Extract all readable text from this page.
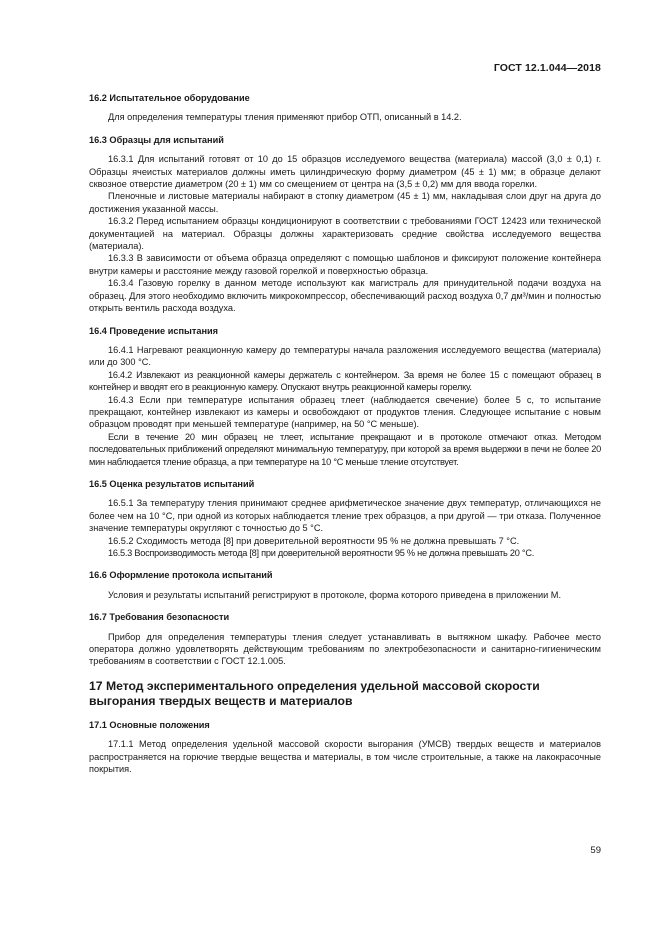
ГОСТ 12.1.044—2018
16.2 Испытательное оборудование

Для определения температуры тления применяют прибор ОТП, описанный в 14.2.

16.3 Образцы для испытаний

16.3.1 Для испытаний готовят от 10 до 15 образцов исследуемого вещества (материала) массой (3,0 ± 0,1) г. Образцы ячеистых материалов должны иметь цилиндрическую форму диаметром (45 ± 1) мм; в образце делают сквозное отверстие диаметром (20 ± 1) мм со смещением от центра на (3,5 ± 0,2) мм для ввода горелки.

Пленочные и листовые материалы набирают в стопку диаметром (45 ± 1) мм, накладывая слои друг на друга до достижения указанной массы.

16.3.2 Перед испытанием образцы кондиционируют в соответствии с требованиями ГОСТ 12423 или технической документацией на материал. Образцы должны характеризовать средние свойства исследуемого вещества (материала).

16.3.3 В зависимости от объема образца определяют с помощью шаблонов и фиксируют положение контейнера внутри камеры и расстояние между газовой горелкой и поверхностью образца.

16.3.4 Газовую горелку в данном методе используют как магистраль для принудительной подачи воздуха на образец. Для этого необходимо включить микрокомпрессор, обеспечивающий расход воздуха 0,7 дм³/мин и полностью открыть вентиль расхода воздуха.

16.4 Проведение испытания

16.4.1 Нагревают реакционную камеру до температуры начала разложения исследуемого вещества (материала) или до 300 °С.

16.4.2 Извлекают из реакционной камеры держатель с контейнером. За время не более 15 с помещают образец в контейнер и вводят его в реакционную камеру. Опускают внутрь реакционной камеры горелку.

16.4.3 Если при температуре испытания образец тлеет (наблюдается свечение) более 5 с, то испытание прекращают, контейнер извлекают из камеры и освобождают от продуктов тления. Следующее испытание с новым образцом проводят при меньшей температуре (например, на 50 °С меньше).

Если в течение 20 мин образец не тлеет, испытание прекращают и в протоколе отмечают отказ. Методом последовательных приближений определяют минимальную температуру, при которой за время выдержки в печи не более 20 мин наблюдается тление образца, а при температуре на 10 °С меньше тление отсутствует.

16.5 Оценка результатов испытаний

16.5.1 За температуру тления принимают среднее арифметическое значение двух температур, отличающихся не более чем на 10 °С, при одной из которых наблюдается тление трех образцов, а при другой — три отказа. Полученное значение температуры округляют с точностью до 5 °С.

16.5.2 Сходимость метода [8] при доверительной вероятности 95 % не должна превышать 7 °С.

16.5.3 Воспроизводимость метода [8] при доверительной вероятности 95 % не должна превышать 20 °С.

16.6 Оформление протокола испытаний

Условия и результаты испытаний регистрируют в протоколе, форма которого приведена в приложении М.

16.7 Требования безопасности

Прибор для определения температуры тления следует устанавливать в вытяжном шкафу. Рабочее место оператора должно удовлетворять действующим требованиям по электробезопасности и санитарно-гигиеническим требованиям в соответствии с ГОСТ 12.1.005.

17 Метод экспериментального определения удельной массовой скорости выгорания твердых веществ и материалов
17.1 Основные положения

17.1.1 Метод определения удельной массовой скорости выгорания (УМСВ) твердых веществ и материалов распространяется на горючие твердые вещества и материалы, в том числе строительные, а также на лакокрасочные покрытия.

59
